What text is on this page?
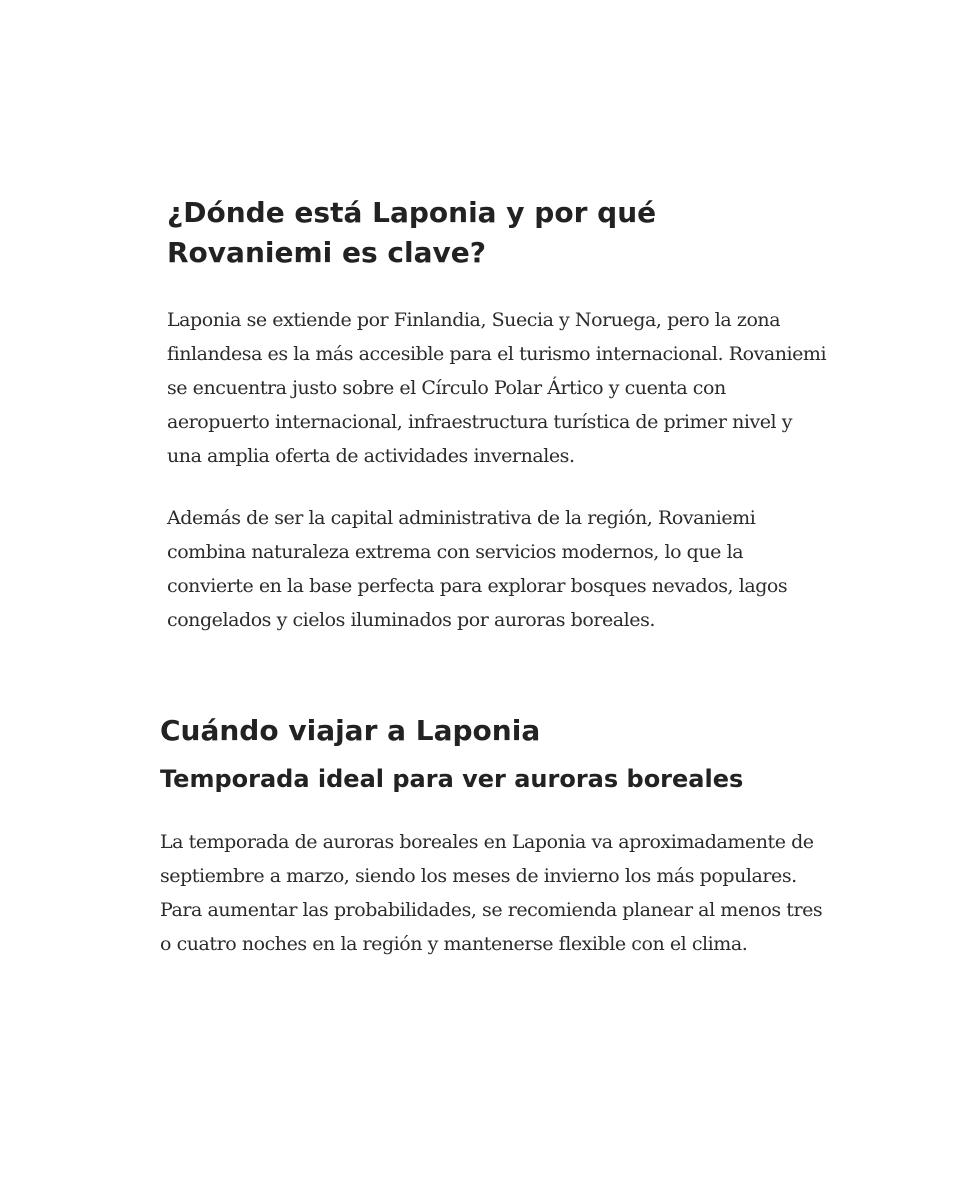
¿Dónde está Laponia y por qué Rovaniemi es clave?

Laponia se extiende por Finlandia, Suecia y Noruega, pero la zona finlandesa es la más accesible para el turismo internacional. Rovaniemi se encuentra justo sobre el Círculo Polar Ártico y cuenta con aeropuerto internacional, infraestructura turística de primer nivel y una amplia oferta de actividades invernales.

Además de ser la capital administrativa de la región, Rovaniemi combina naturaleza extrema con servicios modernos, lo que la convierte en la base perfecta para explorar bosques nevados, lagos congelados y cielos iluminados por auroras boreales.

Cuándo viajar a Laponia
Temporada ideal para ver auroras boreales

La temporada de auroras boreales en Laponia va aproximadamente de septiembre a marzo, siendo los meses de invierno los más populares. Para aumentar las probabilidades, se recomienda planear al menos tres o cuatro noches en la región y mantenerse flexible con el clima.
